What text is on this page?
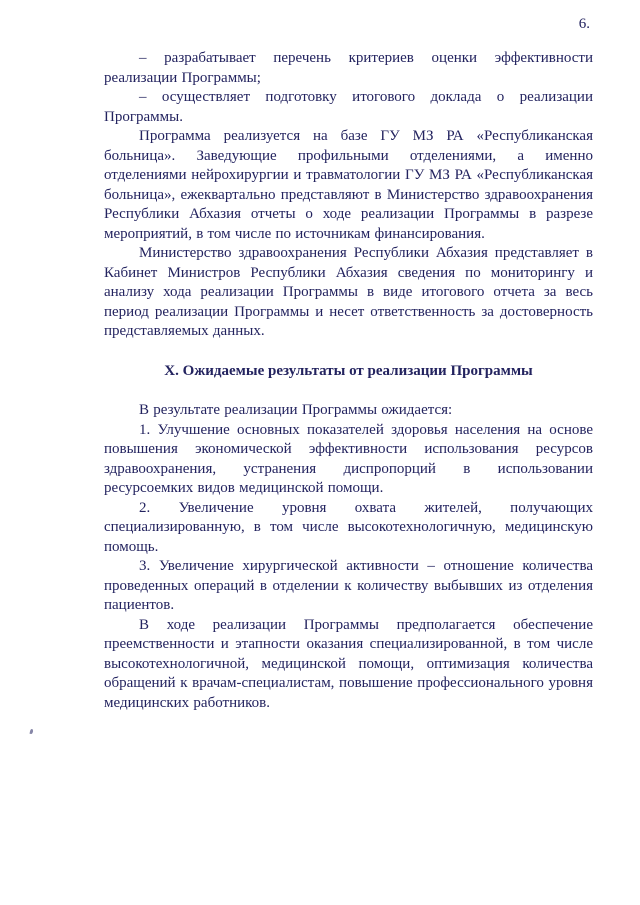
6.

– разрабатывает перечень критериев оценки эффективности реализации Программы;

– осуществляет подготовку итогового доклада о реализации Программы.

Программа реализуется на базе ГУ МЗ РА «Республиканская больница». Заведующие профильными отделениями, а именно отделениями нейрохирургии и травматологии ГУ МЗ РА «Республиканская больница», ежеквартально представляют в Министерство здравоохранения Республики Абхазия отчеты о ходе реализации Программы в разрезе мероприятий, в том числе по источникам финансирования.

Министерство здравоохранения Республики Абхазия представляет в Кабинет Министров Республики Абхазия сведения по мониторингу и анализу хода реализации Программы в виде итогового отчета за весь период реализации Программы и несет ответственность за достоверность представляемых данных.

X. Ожидаемые результаты от реализации Программы

В результате реализации Программы ожидается:

1. Улучшение основных показателей здоровья населения на основе повышения экономической эффективности использования ресурсов здравоохранения, устранения диспропорций в использовании ресурсоемких видов медицинской помощи.

2. Увеличение уровня охвата жителей, получающих специализированную, в том числе высокотехнологичную, медицинскую помощь.

3. Увеличение хирургической активности – отношение количества проведенных операций в отделении к количеству выбывших из отделения пациентов.

В ходе реализации Программы предполагается обеспечение преемственности и этапности оказания специализированной, в том числе высокотехнологичной, медицинской помощи, оптимизация количества обращений к врачам-специалистам, повышение профессионального уровня медицинских работников.
